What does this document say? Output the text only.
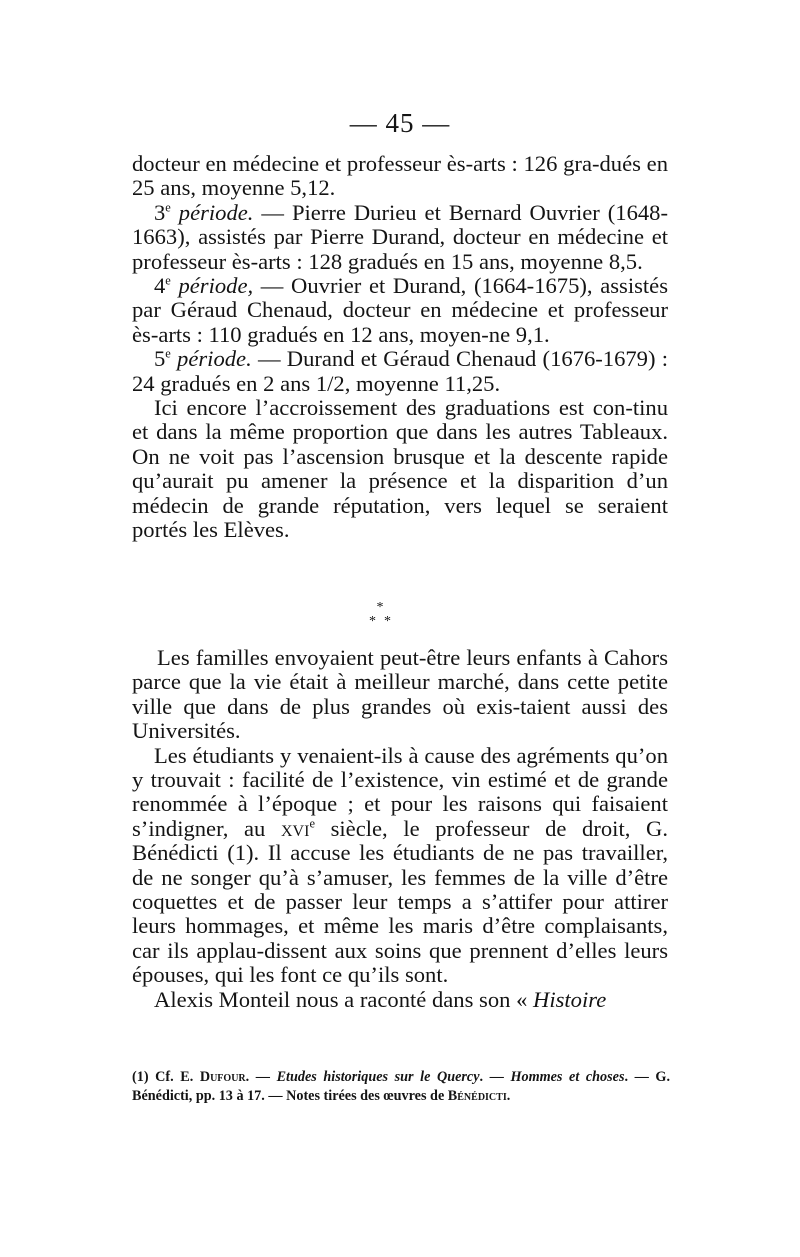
— 45 —

docteur en médecine et professeur ès-arts : 126 gra-dués en 25 ans, moyenne 5,12.

3e période. — Pierre Durieu et Bernard Ouvrier (1648-1663), assistés par Pierre Durand, docteur en médecine et professeur ès-arts : 128 gradués en 15 ans, moyenne 8,5.

4e période, — Ouvrier et Durand, (1664-1675), assistés par Géraud Chenaud, docteur en médecine et professeur ès-arts : 110 gradués en 12 ans, moyen-ne 9,1.

5e période. — Durand et Géraud Chenaud (1676-1679) : 24 gradués en 2 ans 1/2, moyenne 11,25.

Ici encore l’accroissement des graduations est con-tinu et dans la même proportion que dans les autres Tableaux. On ne voit pas l’ascension brusque et la descente rapide qu’aurait pu amener la présence et la disparition d’un médecin de grande réputation, vers lequel se seraient portés les Elèves.

*
**

Les familles envoyaient peut-être leurs enfants à Cahors parce que la vie était à meilleur marché, dans cette petite ville que dans de plus grandes où exis-taient aussi des Universités.

Les étudiants y venaient-ils à cause des agréments qu’on y trouvait : facilité de l’existence, vin estimé et de grande renommée à l’époque ; et pour les raisons qui faisaient s’indigner, au xvi$^e$ siècle, le professeur de droit, G. Bénédicti (1). Il accuse les étudiants de ne pas travailler, de ne songer qu’à s’amuser, les femmes de la ville d’être coquettes et de passer leur temps a s’attifer pour attirer leurs hommages, et même les maris d’être complaisants, car ils applau-dissent aux soins que prennent d’elles leurs épouses, qui les font ce qu’ils sont.

Alexis Monteil nous a raconté dans son « Histoire

(1) Cf. E. Dufour. — Etudes historiques sur le Quercy. — Hommes et choses. — G. Bénédicti, pp. 13 à 17. — Notes tirées des œuvres de Bénédicti.
